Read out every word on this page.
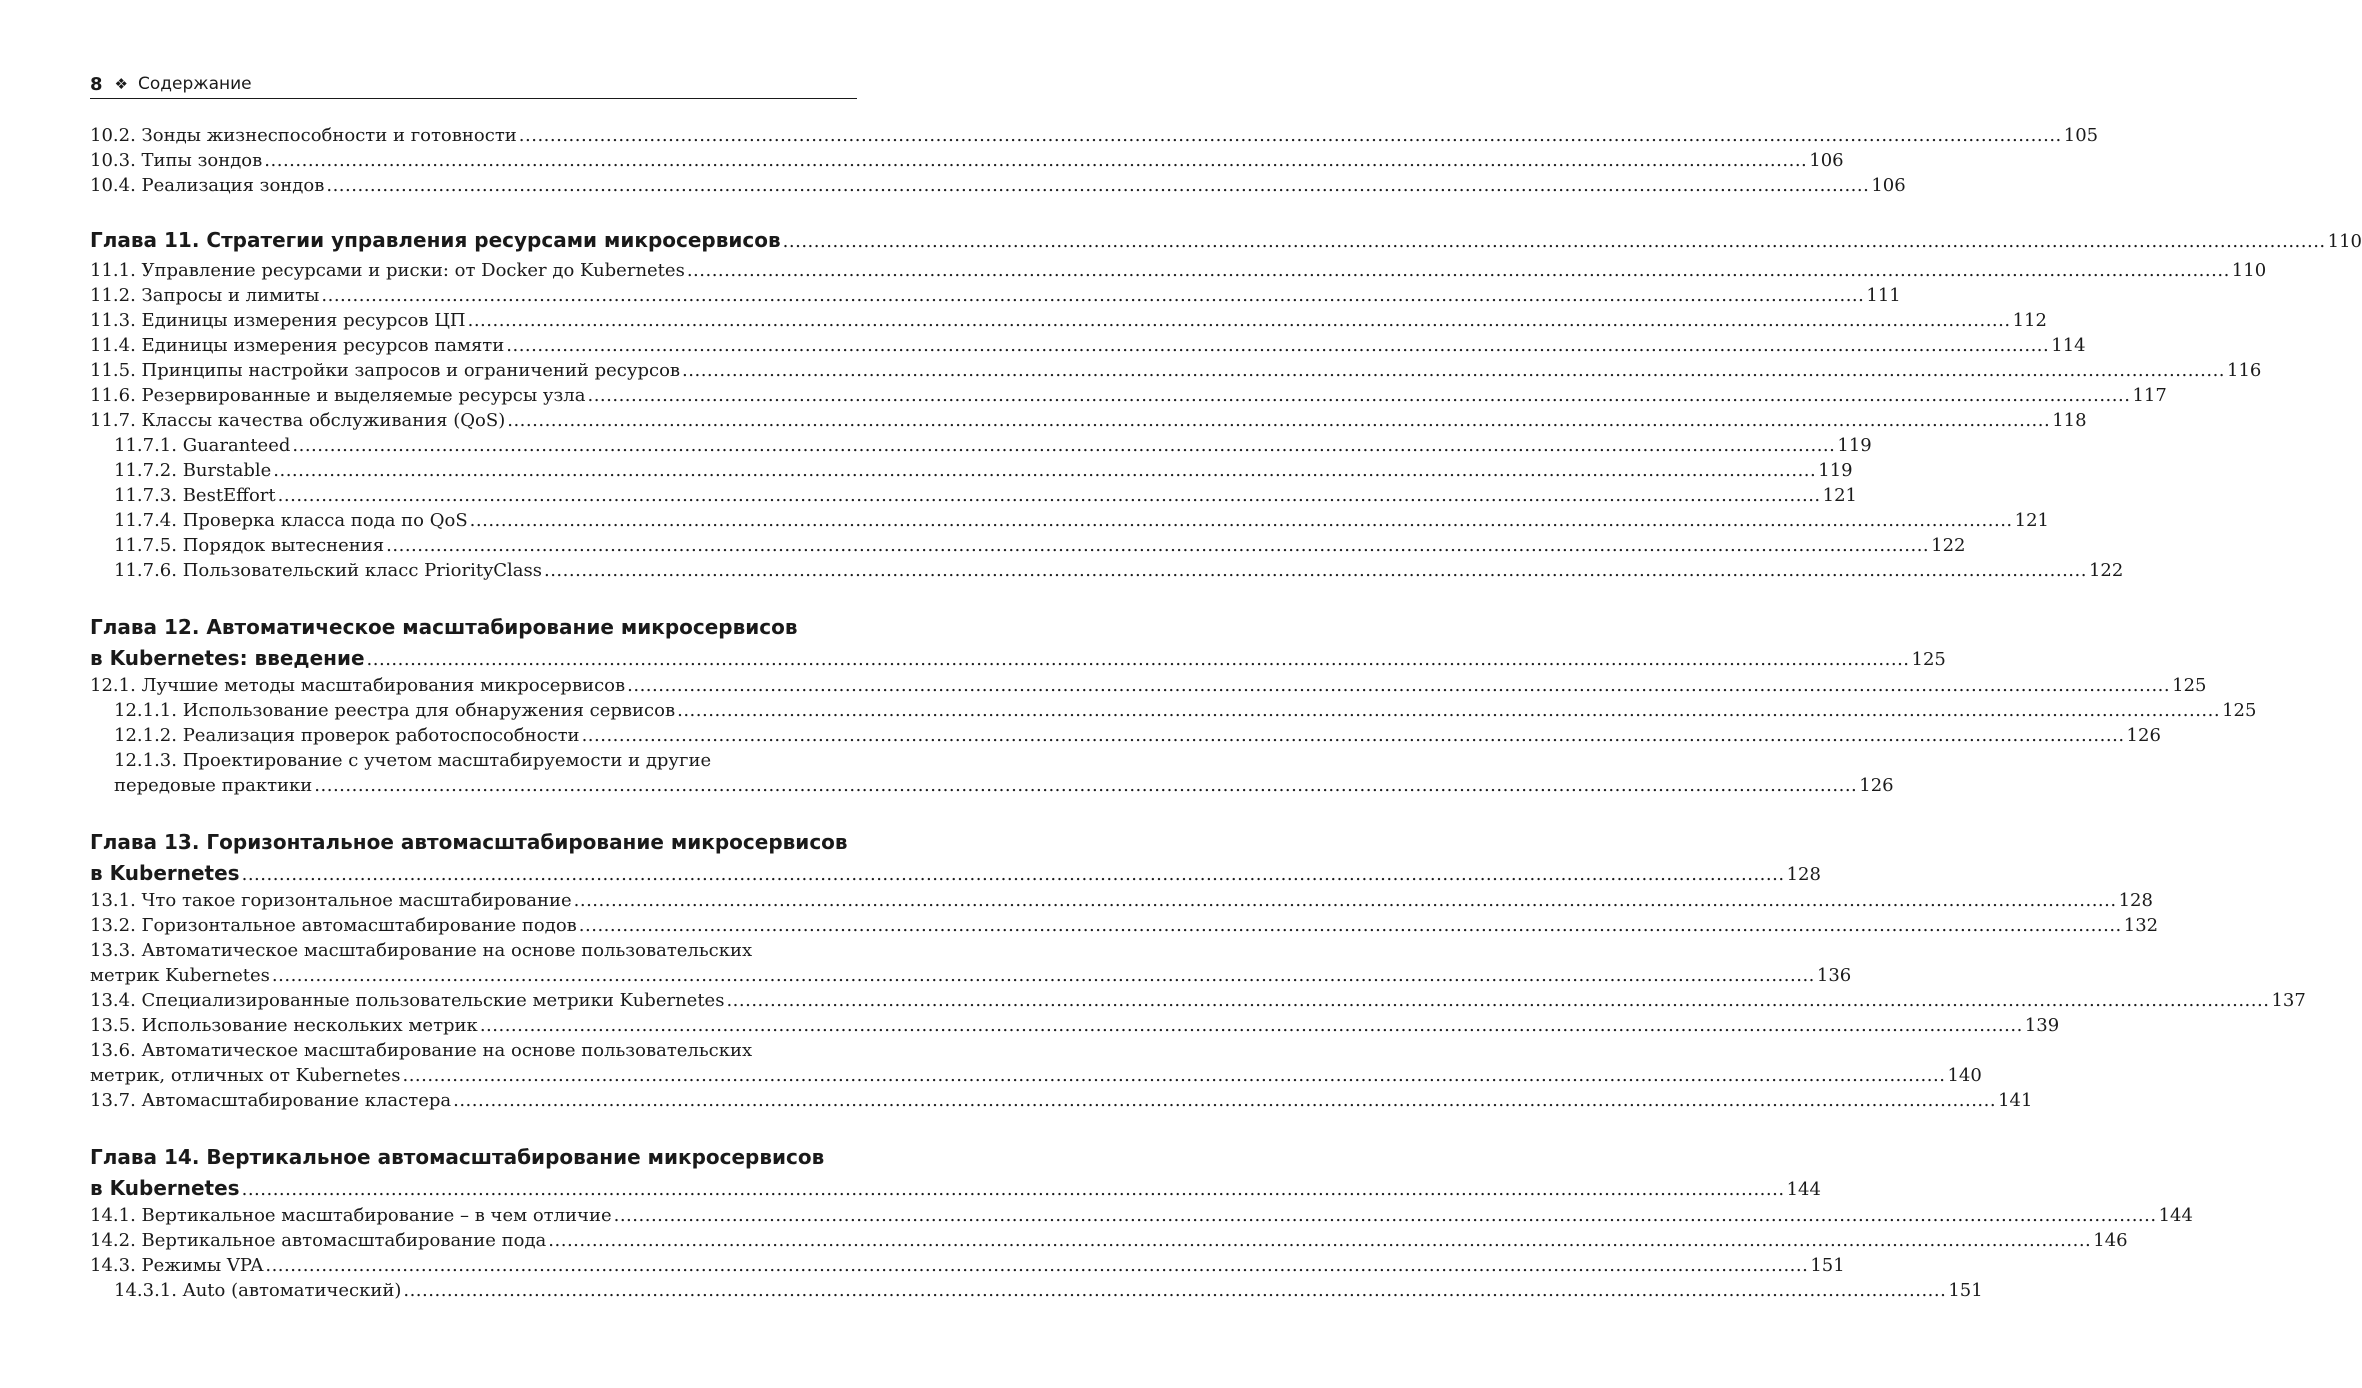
8 ❖ Содержание
10.2. Зонды жизнеспособности и готовности .....	105
10.3. Типы зондов .....	106
10.4. Реализация зондов .....	106
Глава 11. Стратегии управления ресурсами микросервисов .....	110
11.1. Управление ресурсами и риски: от Docker до Kubernetes .....	110
11.2. Запросы и лимиты .....	111
11.3. Единицы измерения ресурсов ЦП .....	112
11.4. Единицы измерения ресурсов памяти .....	114
11.5. Принципы настройки запросов и ограничений ресурсов .....	116
11.6. Резервированные и выделяемые ресурсы узла .....	117
11.7. Классы качества обслуживания (QoS) .....	118
11.7.1. Guaranteed .....	119
11.7.2. Burstable .....	119
11.7.3. BestEffort .....	121
11.7.4. Проверка класса пода по QoS .....	121
11.7.5. Порядок вытеснения .....	122
11.7.6. Пользовательский класс PriorityClass .....	122
Глава 12. Автоматическое масштабирование микросервисов
в Kubernetes: введение .....	125
12.1. Лучшие методы масштабирования микросервисов .....	125
12.1.1. Использование реестра для обнаружения сервисов .....	125
12.1.2. Реализация проверок работоспособности .....	126
12.1.3. Проектирование с учетом масштабируемости и другие
передовые практики .....	126
Глава 13. Горизонтальное автомасштабирование микросервисов
в Kubernetes .....	128
13.1. Что такое горизонтальное масштабирование .....	128
13.2. Горизонтальное автомасштабирование подов .....	132
13.3. Автоматическое масштабирование на основе пользовательских
метрик Kubernetes .....	136
13.4. Специализированные пользовательские метрики Kubernetes .....	137
13.5. Использование нескольких метрик .....	139
13.6. Автоматическое масштабирование на основе пользовательских
метрик, отличных от Kubernetes .....	140
13.7. Автомасштабирование кластера .....	141
Глава 14. Вертикальное автомасштабирование микросервисов
в Kubernetes .....	144
14.1. Вертикальное масштабирование – в чем отличие .....	144
14.2. Вертикальное автомасштабирование пода .....	146
14.3. Режимы VPA .....	151
14.3.1. Auto (автоматический) .....	151
